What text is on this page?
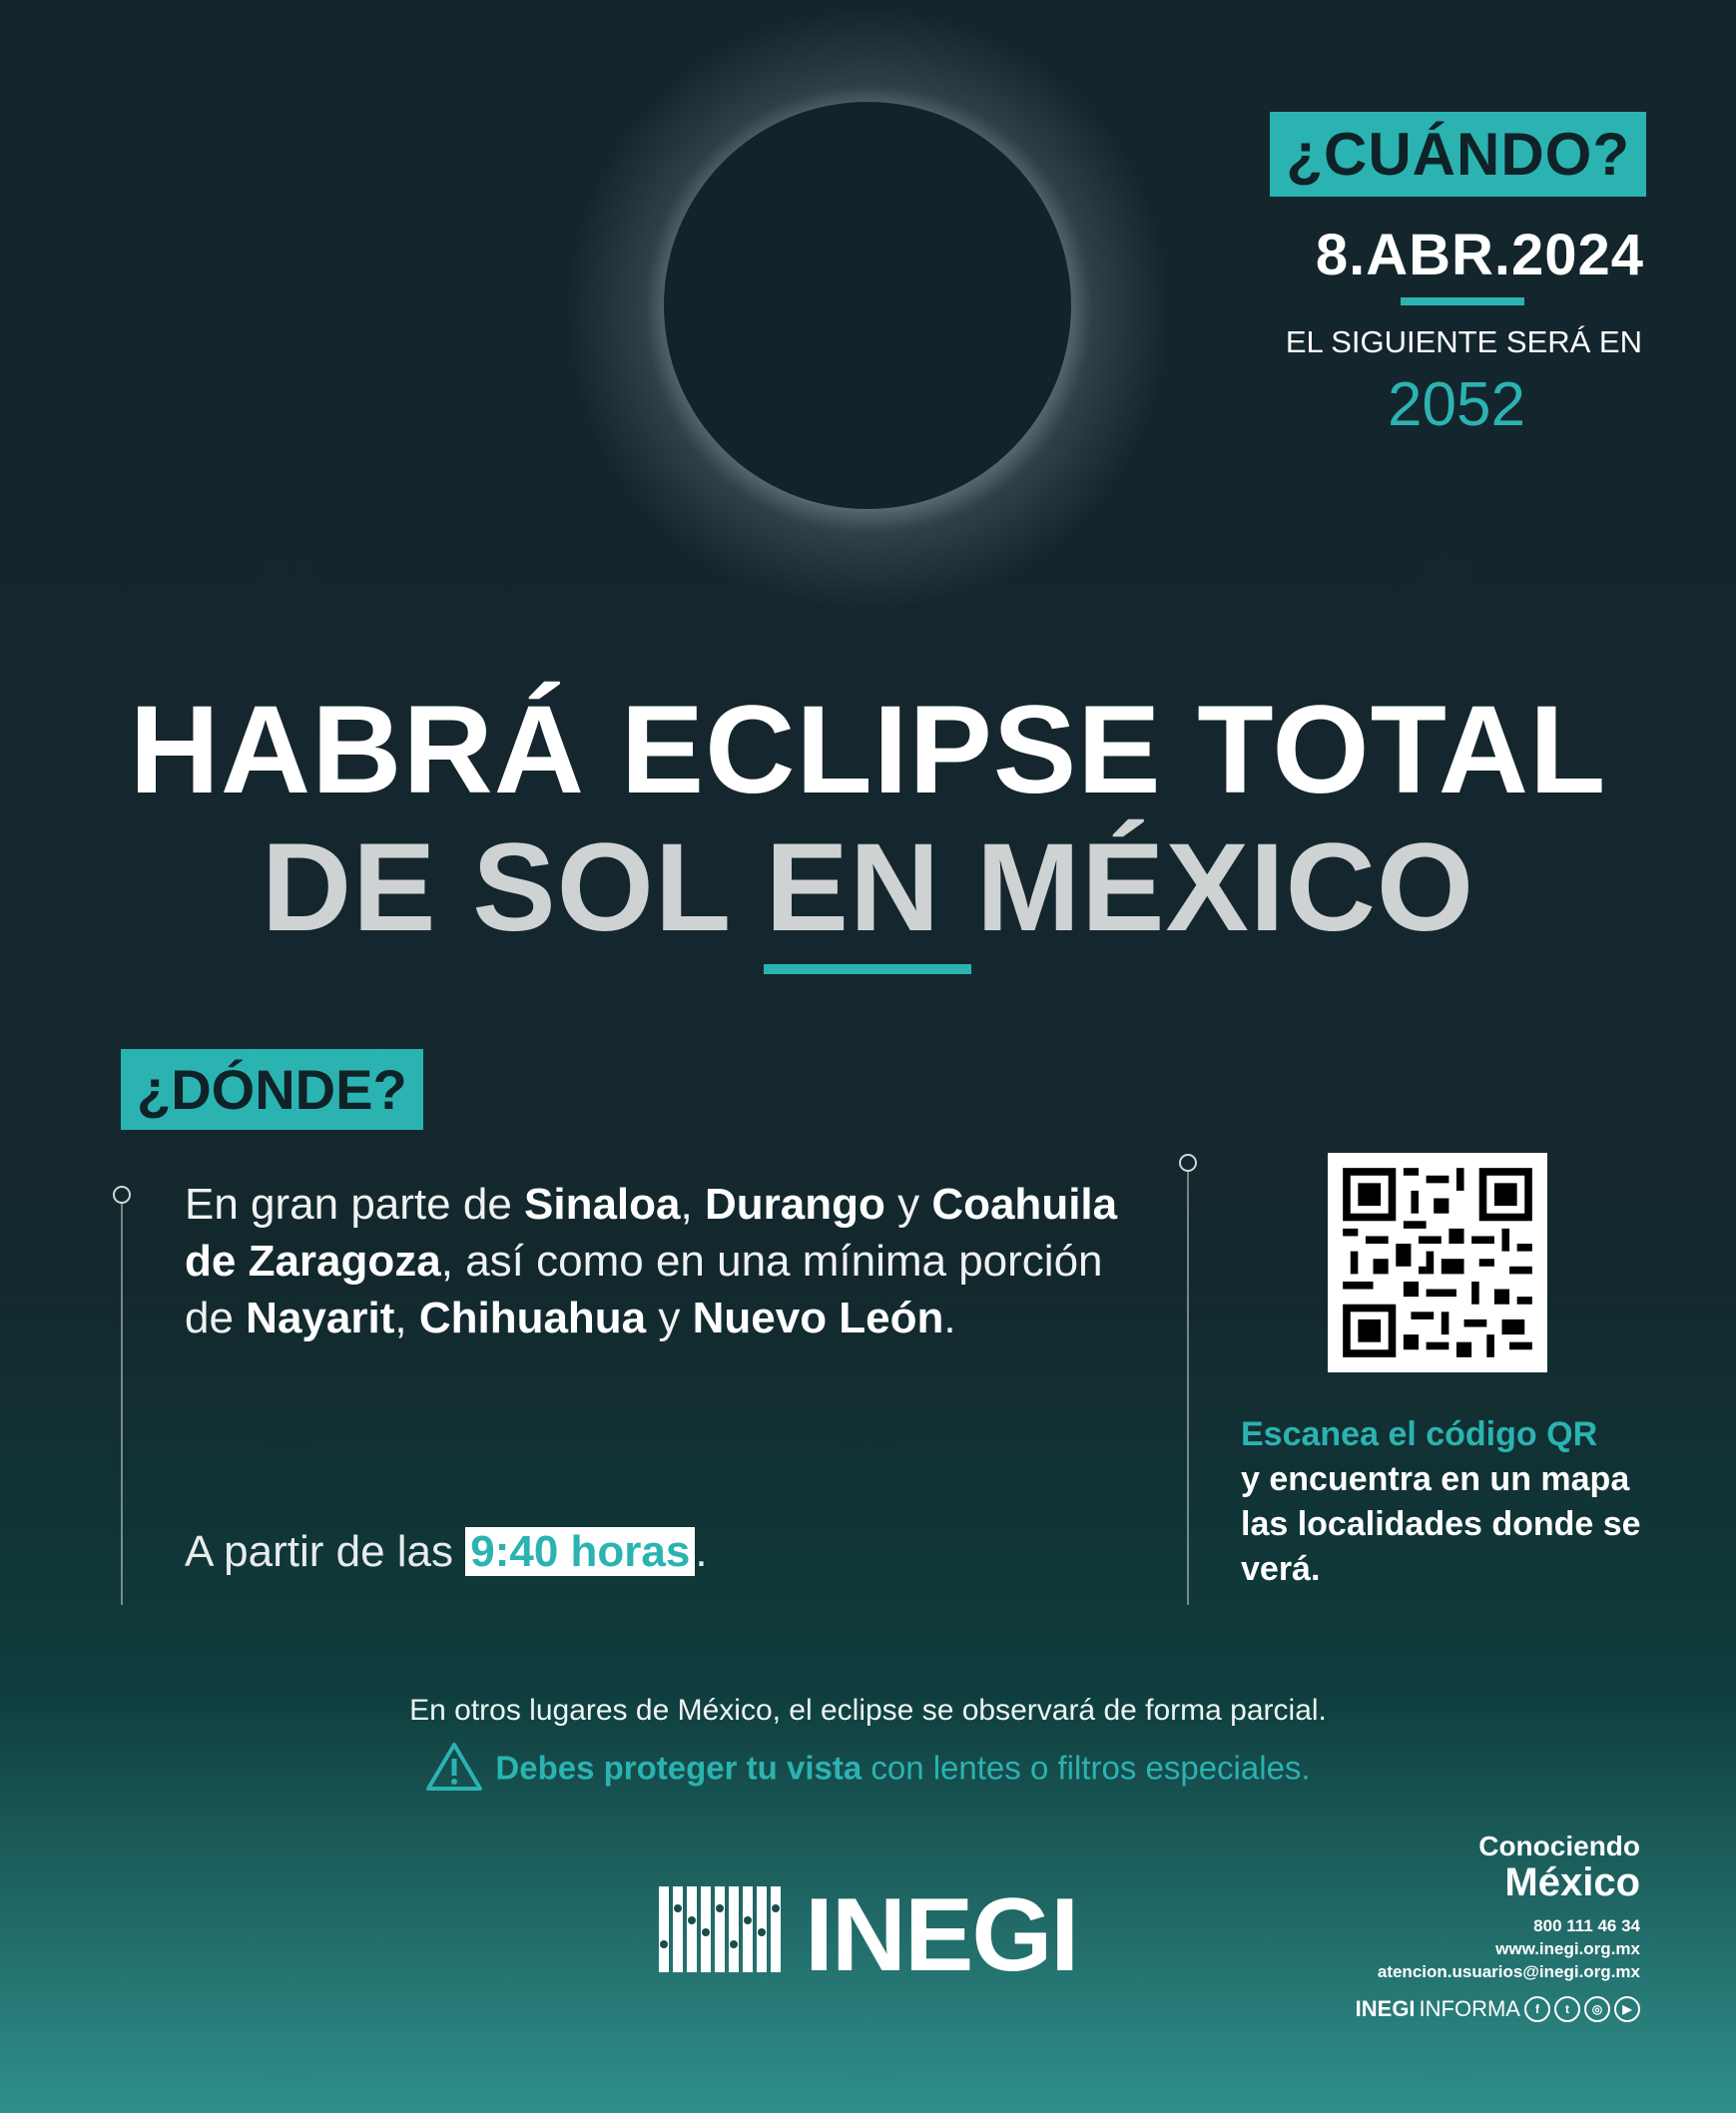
¿CUÁNDO?
8.ABR.2024
EL SIGUIENTE SERÁ EN
2052
HABRÁ ECLIPSE TOTAL
DE SOL EN MÉXICO
¿DÓNDE?
En gran parte de Sinaloa, Durango y Coahuila de Zaragoza, así como en una mínima porción de Nayarit, Chihuahua y Nuevo León.
A partir de las 9:40 horas .
Escanea el código QR
y encuentra en un mapa las localidades donde se verá.
En otros lugares de México, el eclipse se observará de forma parcial.
Debes proteger tu vista con lentes o filtros especiales.
INEGI
Conociendo
México
800 111 46 34
www.inegi.org.mx
atencion.usuarios@inegi.org.mx
INEGI INFORMA	f	t	◎	▶
